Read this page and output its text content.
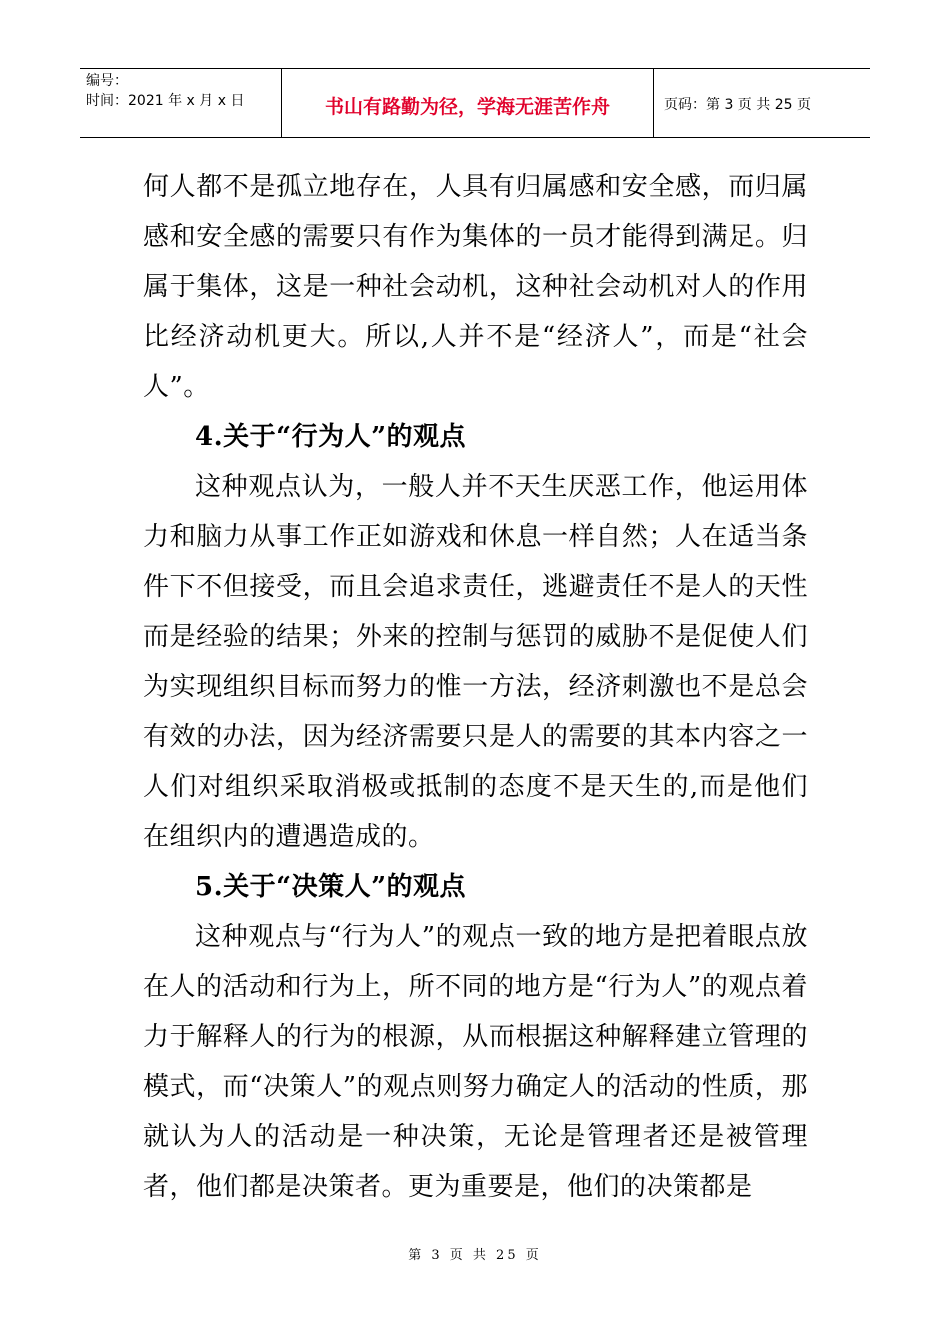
编号：
时间：2021 年 x 月 x 日	书山有路勤为径，学海无涯苦作舟	页码：第 3 页 共 25 页

何人都不是孤立地存在，人具有归属感和安全感，而归属感和安全感的需要只有作为集体的一员才能得到满足。归属于集体，这是一种社会动机，这种社会动机对人的作用比经济动机更大。所以,人并不是“经济人”，而是“社会人”。

4.关于“行为人”的观点

这种观点认为，一般人并不天生厌恶工作，他运用体力和脑力从事工作正如游戏和休息一样自然；人在适当条件下不但接受，而且会追求责任，逃避责任不是人的天性而是经验的结果；外来的控制与惩罚的威胁不是促使人们为实现组织目标而努力的惟一方法，经济刺激也不是总会有效的办法，因为经济需要只是人的需要的其本内容之一人们对组织采取消极或抵制的态度不是天生的,而是他们在组织内的遭遇造成的。

5.关于“决策人”的观点

这种观点与“行为人”的观点一致的地方是把着眼点放在人的活动和行为上，所不同的地方是“行为人”的观点着力于解释人的行为的根源，从而根据这种解释建立管理的模式，而“决策人”的观点则努力确定人的活动的性质，那就认为人的活动是一种决策，无论是管理者还是被管理者，他们都是决策者。更为重要是，他们的决策都是

第 3 页 共 25 页
